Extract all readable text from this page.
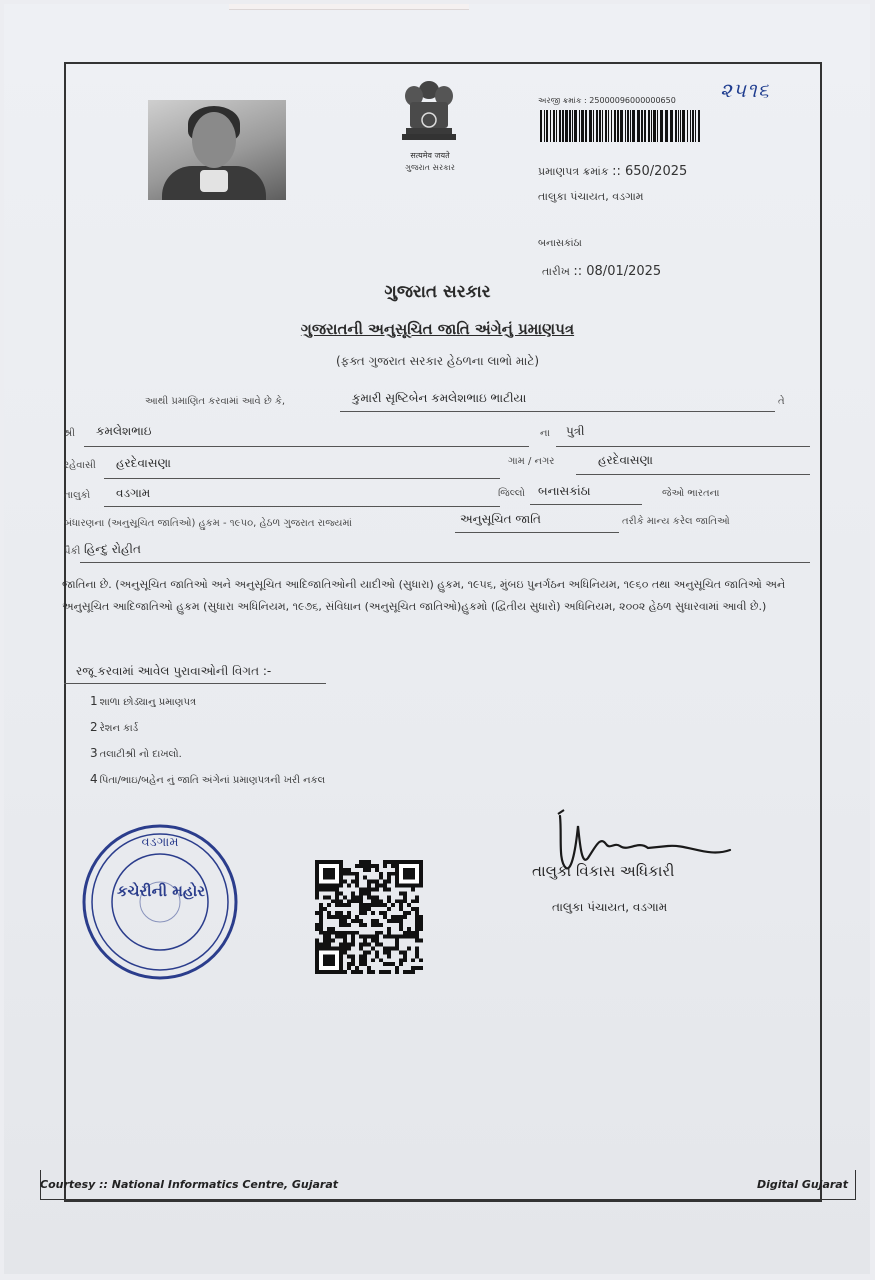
सत्यमेव जयते
ગુજરાત સરકાર
૨૫૧૬
અરજી ક્રમાંક : 25000096000000650
પ્રમાણપત્ર ક્રમાંક :: 650/2025
તાલુકા પંચાયત, વડગામ
બનાસકાંઠા
તારીખ :: 08/01/2025
ગુજરાત સરકાર
ગુજરાતની અનુસૂચિત જાતિ અંગેનું પ્રમાણપત્ર
(ફક્ત ગુજરાત સરકાર હેઠળના લાભો માટે)
આથી પ્રમાણિત કરવામાં આવે છે કે,	કુમારી સૃષ્ટિબેન કમલેશભાઇ ભાટીયા	તે
શ્રી કમલેશભાઇ	ના પુત્રી
રહેવાસી હરદેવાસણા	ગામ / નગર	હરદેવાસણા
તાલુકો વડગામ	જિલ્લો બનાસકાંઠા	જેઓ ભારતના
બંધારણના (અનુસૂચિત જાતિઓ) હુકમ - ૧૯૫૦, હેઠળ ગુજરાત રાજ્યમાં	અનુસૂચિત જાતિ	તરીકે માન્ય કરેલ જાતિઓ
પૈકી હિન્દુ રોહીત
જાતિના છે. (અનુસૂચિત જાતિઓ અને અનુસૂચિત આદિજાતિઓની યાદીઓ (સુધારા) હુકમ, ૧૯૫૬, મુંબઇ પુનર્ગઠન અધિનિયમ, ૧૯૬૦ તથા અનુસૂચિત જાતિઓ અને અનુસૂચિત આદિજાતિઓ હુકમ (સુધારા અધિનિયમ, ૧૯૭૬, સંવિધાન (અનુસૂચિત જાતિઓ)હુકમો (દ્વિતીય સુધારો) અધિનિયમ, ૨૦૦૨ હેઠળ સુધારવામાં આવી છે.)
રજૂ કરવામાં આવેલ પુરાવાઓની વિગત :-
1 શાળા છોડ્યાનુ પ્રમાણપત્ર
2 રેશન કાર્ડ
3 તલાટીશ્રી નો દાખલો.
4 પિતા/ભાઇ/બહેન નું જાતિ અંગેનાં પ્રમાણપત્રની ખરી નકલ
વડગામ
કચેરીની મહોર
તાલુકા વિકાસ અધિકારી
તાલુકા પંચાયત, વડગામ
Courtesy :: National Informatics Centre, Gujarat	Digital Gujarat
